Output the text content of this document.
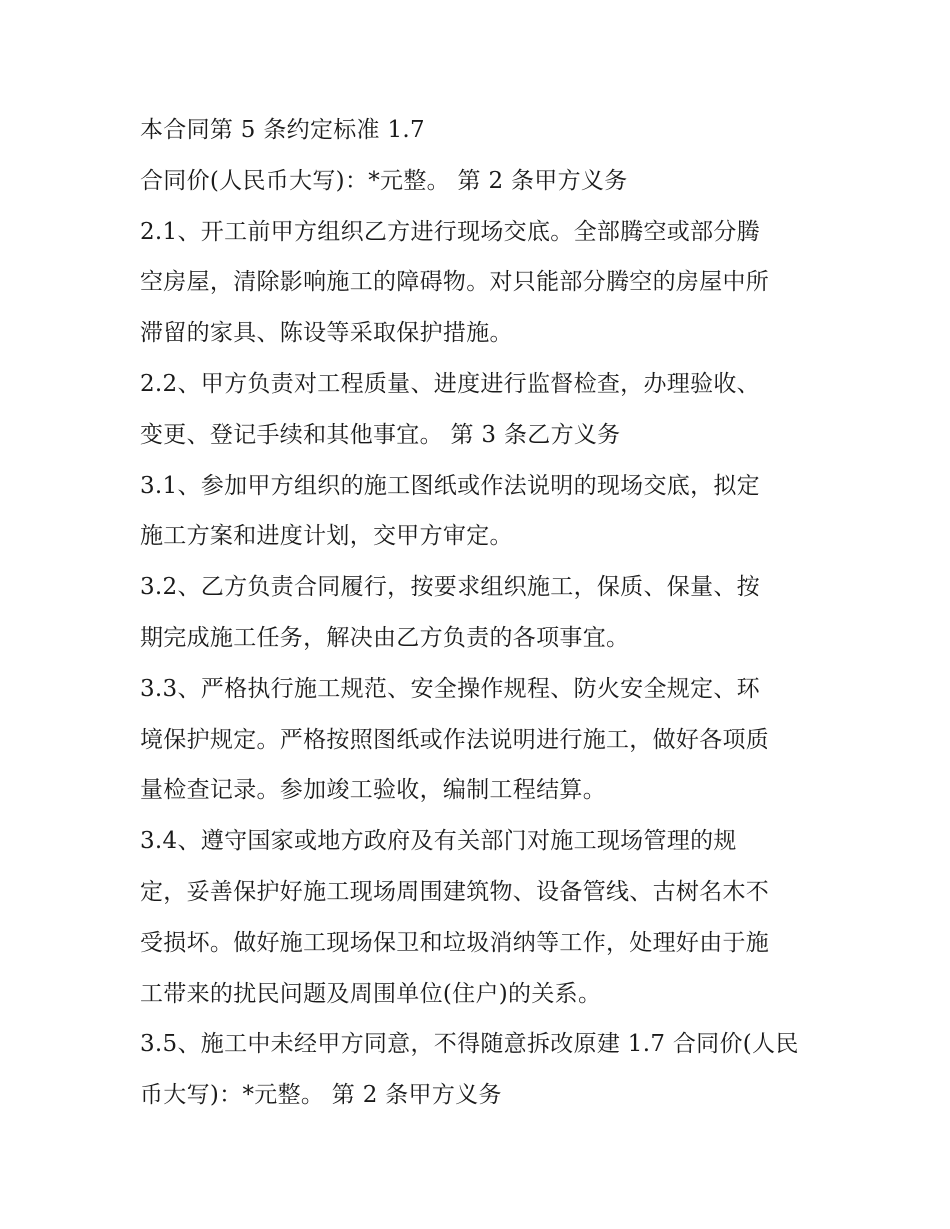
本合同第 5 条约定标准 1.7
合同价(人民币大写)：*元整。 第 2 条甲方义务
2.1、开工前甲方组织乙方进行现场交底。全部腾空或部分腾
空房屋，清除影响施工的障碍物。对只能部分腾空的房屋中所
滞留的家具、陈设等采取保护措施。
2.2、甲方负责对工程质量、进度进行监督检查，办理验收、
变更、登记手续和其他事宜。 第 3 条乙方义务
3.1、参加甲方组织的施工图纸或作法说明的现场交底，拟定
施工方案和进度计划，交甲方审定。
3.2、乙方负责合同履行，按要求组织施工，保质、保量、按
期完成施工任务，解决由乙方负责的各项事宜。
3.3、严格执行施工规范、安全操作规程、防火安全规定、环
境保护规定。严格按照图纸或作法说明进行施工，做好各项质
量检查记录。参加竣工验收，编制工程结算。
3.4、遵守国家或地方政府及有关部门对施工现场管理的规
定，妥善保护好施工现场周围建筑物、设备管线、古树名木不
受损坏。做好施工现场保卫和垃圾消纳等工作，处理好由于施
工带来的扰民问题及周围单位(住户)的关系。
3.5、施工中未经甲方同意，不得随意拆改原建 1.7 合同价(人民
币大写)：*元整。 第 2 条甲方义务
